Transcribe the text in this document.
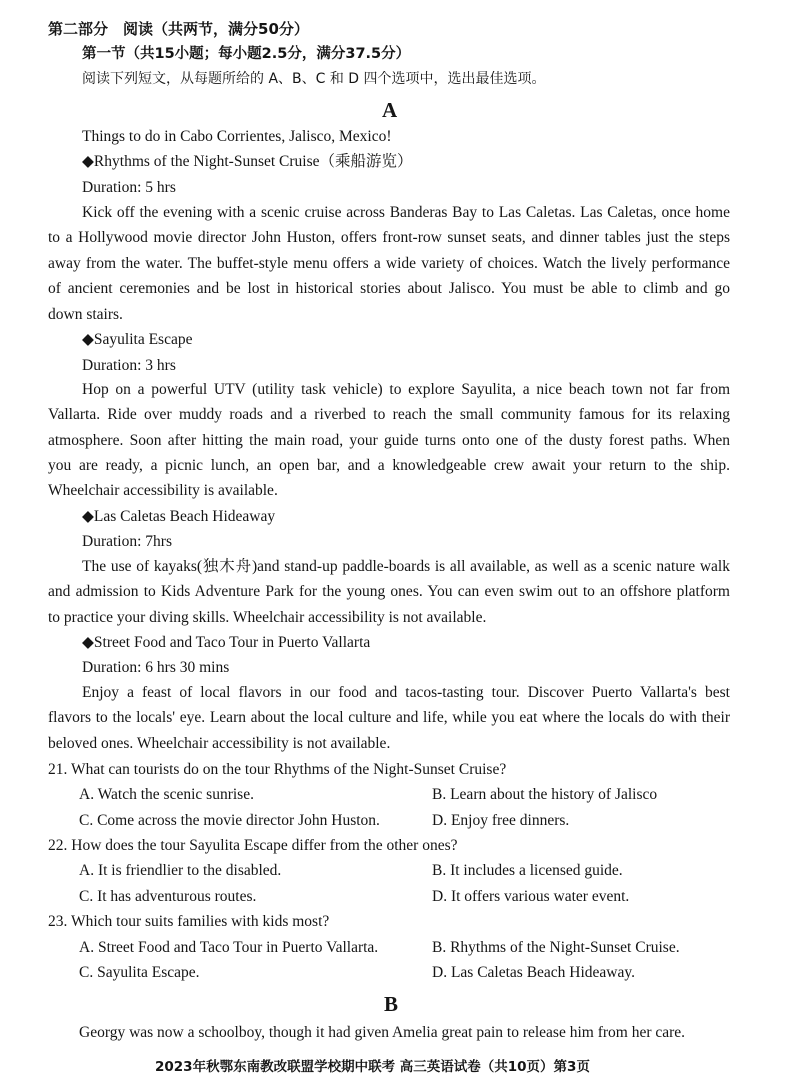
第二部分　阅读（共两节，满分50分）
第一节（共15小题；每小题2.5分，满分37.5分）
阅读下列短文，从每题所给的 A、B、C 和 D 四个选项中，选出最佳选项。
A
Things to do in Cabo Corrientes, Jalisco, Mexico!
◆Rhythms of the Night-Sunset Cruise（乘船游览）
Duration: 5 hrs
Kick off the evening with a scenic cruise across Banderas Bay to Las Caletas. Las Caletas, once home
to a Hollywood movie director John Huston, offers front-row sunset seats, and dinner tables just the steps
away from the water. The buffet-style menu offers a wide variety of choices. Watch the lively performance
of ancient ceremonies and be lost in historical stories about Jalisco. You must be able to climb and go
down stairs.
◆Sayulita Escape
Duration: 3 hrs
Hop on a powerful UTV (utility task vehicle) to explore Sayulita, a nice beach town not far from
Vallarta. Ride over muddy roads and a riverbed to reach the small community famous for its relaxing
atmosphere. Soon after hitting the main road, your guide turns onto one of the dusty forest paths. When
you are ready, a picnic lunch, an open bar, and a knowledgeable crew await your return to the ship.
Wheelchair accessibility is available.
◆Las Caletas Beach Hideaway
Duration: 7hrs
The use of kayaks(独木舟)and stand-up paddle-boards is all available, as well as a scenic nature walk
and admission to Kids Adventure Park for the young ones. You can even swim out to an offshore platform
to practice your diving skills. Wheelchair accessibility is not available.
◆Street Food and Taco Tour in Puerto Vallarta
Duration: 6 hrs 30 mins
Enjoy a feast of local flavors in our food and tacos-tasting tour. Discover Puerto Vallarta's best
flavors to the locals' eye. Learn about the local culture and life, while you eat where the locals do with their
beloved ones. Wheelchair accessibility is not available.
21. What can tourists do on the tour Rhythms of the Night-Sunset Cruise?
A. Watch the scenic sunrise.	B. Learn about the history of Jalisco
C. Come across the movie director John Huston.	D. Enjoy free dinners.
22. How does the tour Sayulita Escape differ from the other ones?
A. It is friendlier to the disabled.	B. It includes a licensed guide.
C. It has adventurous routes.	D. It offers various water event.
23. Which tour suits families with kids most?
A. Street Food and Taco Tour in Puerto Vallarta.	B. Rhythms of the Night-Sunset Cruise.
C. Sayulita Escape.	D. Las Caletas Beach Hideaway.
B
Georgy was now a schoolboy, though it had given Amelia great pain to release him from her care.
2023年秋鄂东南教改联盟学校期中联考 高三英语试卷（共10页）第3页
